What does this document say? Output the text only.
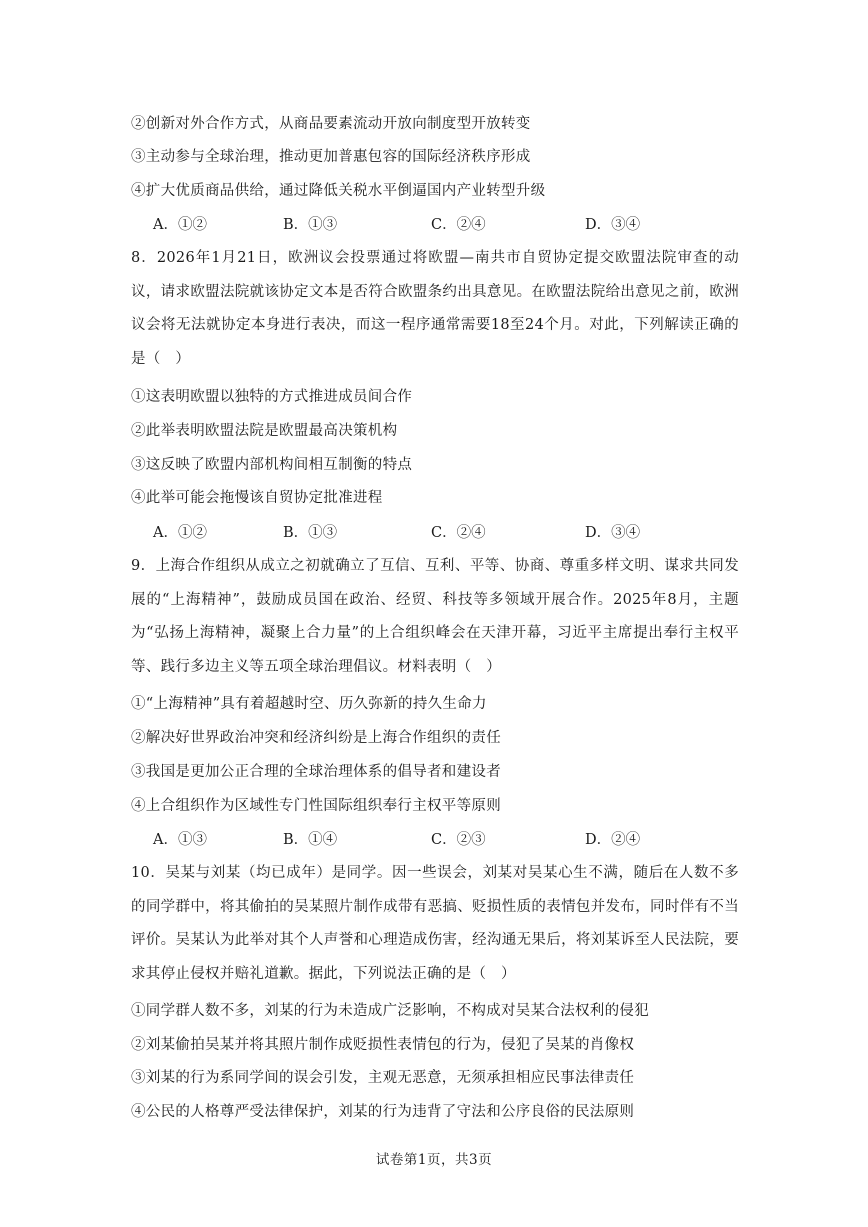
②创新对外合作方式，从商品要素流动开放向制度型开放转变
③主动参与全球治理，推动更加普惠包容的国际经济秩序形成
④扩大优质商品供给，通过降低关税水平倒逼国内产业转型升级
A．①②	B．①③	C．②④	D．③④
8．2026年1月21日，欧洲议会投票通过将欧盟—南共市自贸协定提交欧盟法院审查的动议，请求欧盟法院就该协定文本是否符合欧盟条约出具意见。在欧盟法院给出意见之前，欧洲议会将无法就协定本身进行表决，而这一程序通常需要18至24个月。对此，下列解读正确的是（　）
①这表明欧盟以独特的方式推进成员间合作
②此举表明欧盟法院是欧盟最高决策机构
③这反映了欧盟内部机构间相互制衡的特点
④此举可能会拖慢该自贸协定批准进程
A．①②	B．①③	C．②④	D．③④
9．上海合作组织从成立之初就确立了互信、互利、平等、协商、尊重多样文明、谋求共同发展的“上海精神”，鼓励成员国在政治、经贸、科技等多领域开展合作。2025年8月，主题为“弘扬上海精神，凝聚上合力量”的上合组织峰会在天津开幕，习近平主席提出奉行主权平等、践行多边主义等五项全球治理倡议。材料表明（　）
①“上海精神”具有着超越时空、历久弥新的持久生命力
②解决好世界政治冲突和经济纠纷是上海合作组织的责任
③我国是更加公正合理的全球治理体系的倡导者和建设者
④上合组织作为区域性专门性国际组织奉行主权平等原则
A．①③	B．①④	C．②③	D．②④
10．吴某与刘某（均已成年）是同学。因一些误会，刘某对吴某心生不满，随后在人数不多的同学群中，将其偷拍的吴某照片制作成带有恶搞、贬损性质的表情包并发布，同时伴有不当评价。吴某认为此举对其个人声誉和心理造成伤害，经沟通无果后，将刘某诉至人民法院，要求其停止侵权并赔礼道歉。据此，下列说法正确的是（　）
①同学群人数不多，刘某的行为未造成广泛影响，不构成对吴某合法权利的侵犯
②刘某偷拍吴某并将其照片制作成贬损性表情包的行为，侵犯了吴某的肖像权
③刘某的行为系同学间的误会引发，主观无恶意，无须承担相应民事法律责任
④公民的人格尊严受法律保护，刘某的行为违背了守法和公序良俗的民法原则
试卷第1页，共3页
